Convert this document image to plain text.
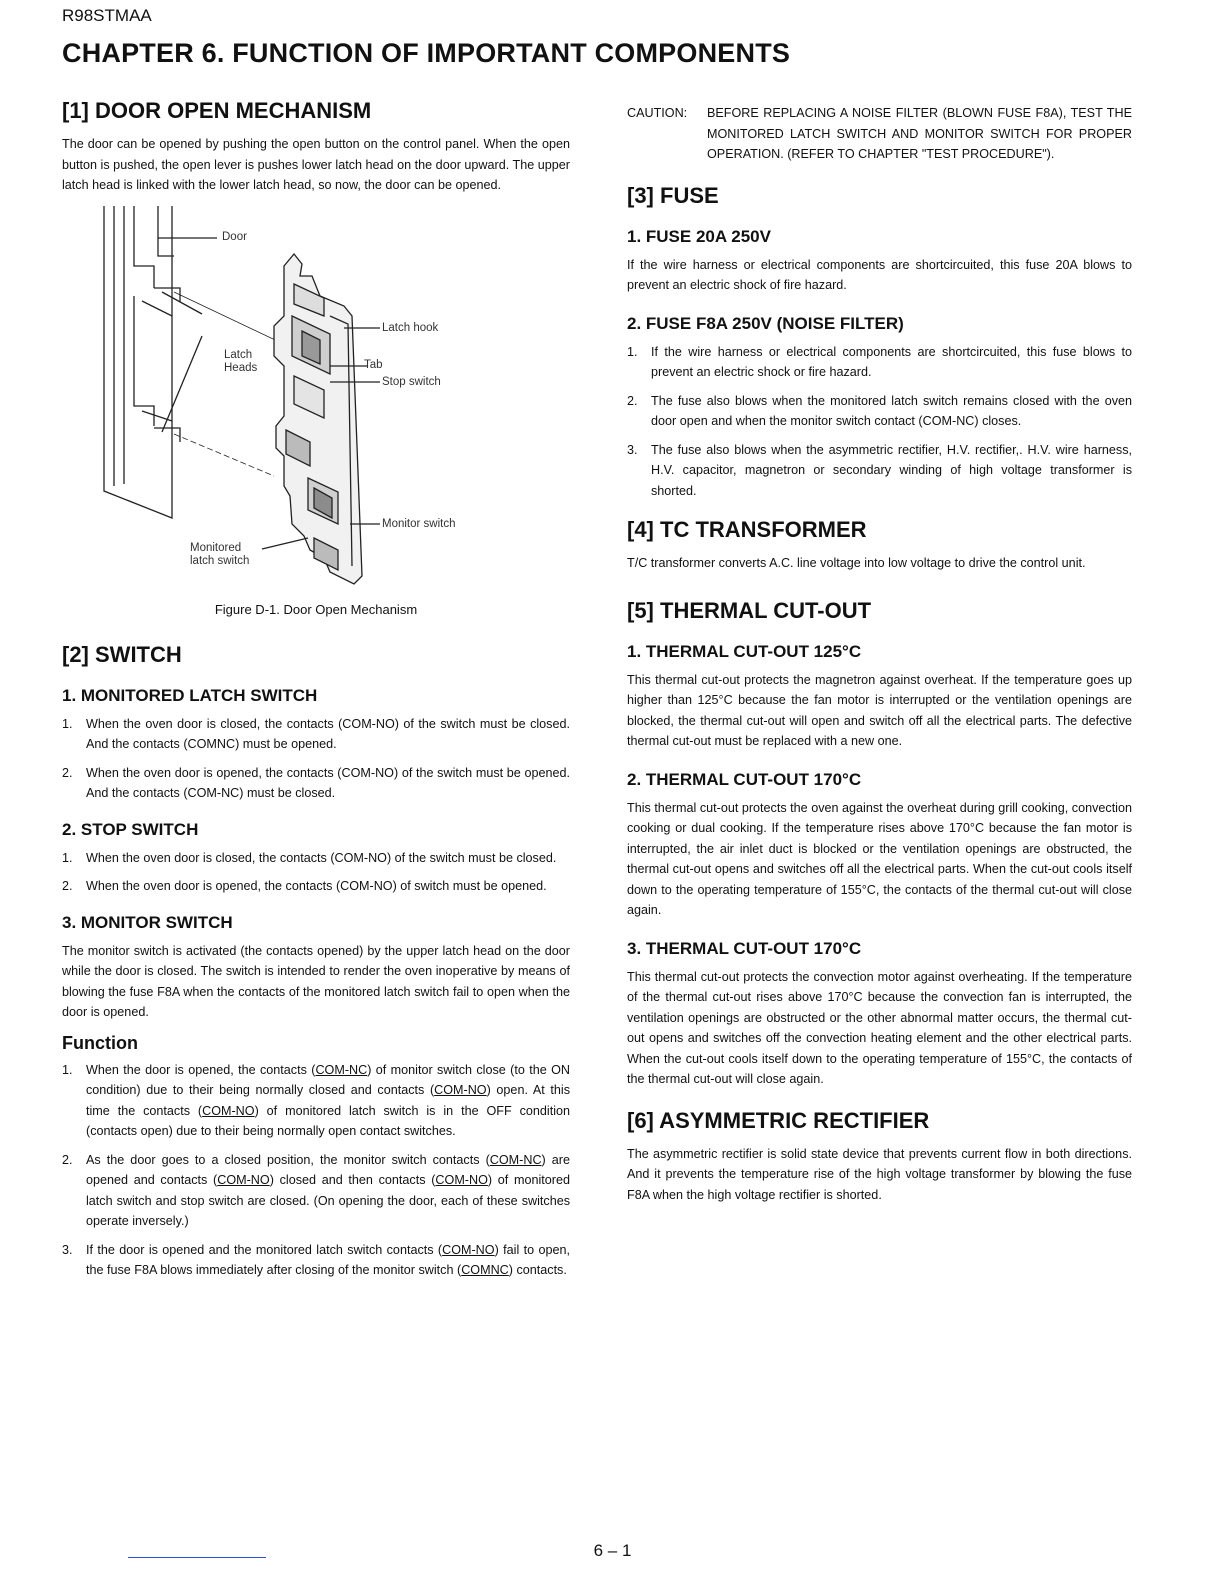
R98STMAA
CHAPTER 6. FUNCTION OF IMPORTANT COMPONENTS
[1] DOOR OPEN MECHANISM

The door can be opened by pushing the open button on the control panel. When the open button is pushed, the open lever is pushes lower latch head on the door upward. The upper latch head is linked with the lower latch head, so now, the door can be opened.

Door
Latch
Heads
Latch hook
Tab
Stop switch
Monitor switch
Monitored
latch switch
Figure D-1. Door Open Mechanism
[2] SWITCH
1. MONITORED LATCH SWITCH
1. When the oven door is closed, the contacts (COM-NO) of the switch must be closed. And the contacts (COMNC) must be opened.
2. When the oven door is opened, the contacts (COM-NO) of the switch must be opened. And the contacts (COM-NC) must be closed.
2. STOP SWITCH
1. When the oven door is closed, the contacts (COM-NO) of the switch must be closed.
2. When the oven door is opened, the contacts (COM-NO) of switch must be opened.
3. MONITOR SWITCH

The monitor switch is activated (the contacts opened) by the upper latch head on the door while the door is closed. The switch is intended to render the oven inoperative by means of blowing the fuse F8A when the contacts of the monitored latch switch fail to open when the door is opened.

Function
1. When the door is opened, the contacts (COM-NC) of monitor switch close (to the ON condition) due to their being normally closed and contacts (COM-NO) open. At this time the contacts (COM-NO) of monitored latch switch is in the OFF condition (contacts open) due to their being normally open contact switches.
2. As the door goes to a closed position, the monitor switch contacts (COM-NC) are opened and contacts (COM-NO) closed and then contacts (COM-NO) of monitored latch switch and stop switch are closed. (On opening the door, each of these switches operate inversely.)
3. If the door is opened and the monitored latch switch contacts (COM-NO) fail to open, the fuse F8A blows immediately after closing of the monitor switch (COMNC) contacts.
CAUTION: BEFORE REPLACING A NOISE FILTER (BLOWN FUSE F8A), TEST THE MONITORED LATCH SWITCH AND MONITOR SWITCH FOR PROPER OPERATION. (REFER TO CHAPTER "TEST PROCEDURE").
[3] FUSE
1. FUSE 20A 250V

If the wire harness or electrical components are shortcircuited, this fuse 20A blows to prevent an electric shock of fire hazard.

2. FUSE F8A 250V (NOISE FILTER)
1. If the wire harness or electrical components are shortcircuited, this fuse blows to prevent an electric shock or fire hazard.
2. The fuse also blows when the monitored latch switch remains closed with the oven door open and when the monitor switch contact (COM-NC) closes.
3. The fuse also blows when the asymmetric rectifier, H.V. rectifier,. H.V. wire harness, H.V. capacitor, magnetron or secondary winding of high voltage transformer is shorted.
[4] TC TRANSFORMER

T/C transformer converts A.C. line voltage into low voltage to drive the control unit.

[5] THERMAL CUT-OUT
1. THERMAL CUT-OUT 125°C

This thermal cut-out protects the magnetron against overheat. If the temperature goes up higher than 125°C because the fan motor is interrupted or the ventilation openings are blocked, the thermal cut-out will open and switch off all the electrical parts. The defective thermal cut-out must be replaced with a new one.

2. THERMAL CUT-OUT 170°C

This thermal cut-out protects the oven against the overheat during grill cooking, convection cooking or dual cooking. If the temperature rises above 170°C because the fan motor is interrupted, the air inlet duct is blocked or the ventilation openings are obstructed, the thermal cut-out opens and switches off all the electrical parts. When the cut-out cools itself down to the operating temperature of 155°C, the contacts of the thermal cut-out will close again.

3. THERMAL CUT-OUT 170°C

This thermal cut-out protects the convection motor against overheating. If the temperature of the thermal cut-out rises above 170°C because the convection fan is interrupted, the ventilation openings are obstructed or the other abnormal matter occurs, the thermal cut-out opens and switches off the convection heating element and the other electrical parts. When the cut-out cools itself down to the operating temperature of 155°C, the contacts of the thermal cut-out will close again.

[6] ASYMMETRIC RECTIFIER

The asymmetric rectifier is solid state device that prevents current flow in both directions. And it prevents the temperature rise of the high voltage transformer by blowing the fuse F8A when the high voltage rectifier is shorted.

6 – 1
